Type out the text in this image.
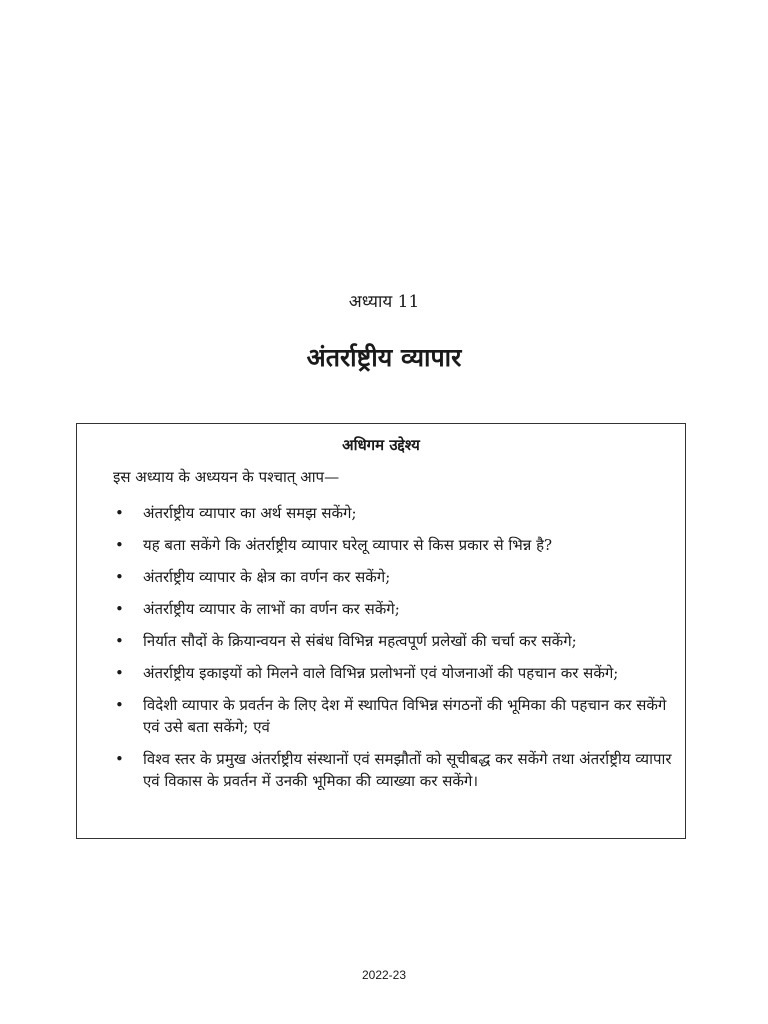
अध्याय 11
अंतर्राष्ट्रीय व्यापार
अधिगम उद्देश्य
इस अध्याय के अध्ययन के पश्चात् आप—
• अंतर्राष्ट्रीय व्यापार का अर्थ समझ सकेंगे;
• यह बता सकेंगे कि अंतर्राष्ट्रीय व्यापार घरेलू व्यापार से किस प्रकार से भिन्न है?
• अंतर्राष्ट्रीय व्यापार के क्षेत्र का वर्णन कर सकेंगे;
• अंतर्राष्ट्रीय व्यापार के लाभों का वर्णन कर सकेंगे;
• निर्यात सौदों के क्रियान्वयन से संबंध विभिन्न महत्वपूर्ण प्रलेखों की चर्चा कर सकेंगे;
• अंतर्राष्ट्रीय इकाइयों को मिलने वाले विभिन्न प्रलोभनों एवं योजनाओं की पहचान कर सकेंगे;
• विदेशी व्यापार के प्रवर्तन के लिए देश में स्थापित विभिन्न संगठनों की भूमिका की पहचान कर सकेंगे एवं उसे बता सकेंगे; एवं
• विश्व स्तर के प्रमुख अंतर्राष्ट्रीय संस्थानों एवं समझौतों को सूचीबद्ध कर सकेंगे तथा अंतर्राष्ट्रीय व्यापार एवं विकास के प्रवर्तन में उनकी भूमिका की व्याख्या कर सकेंगे।
2022-23
